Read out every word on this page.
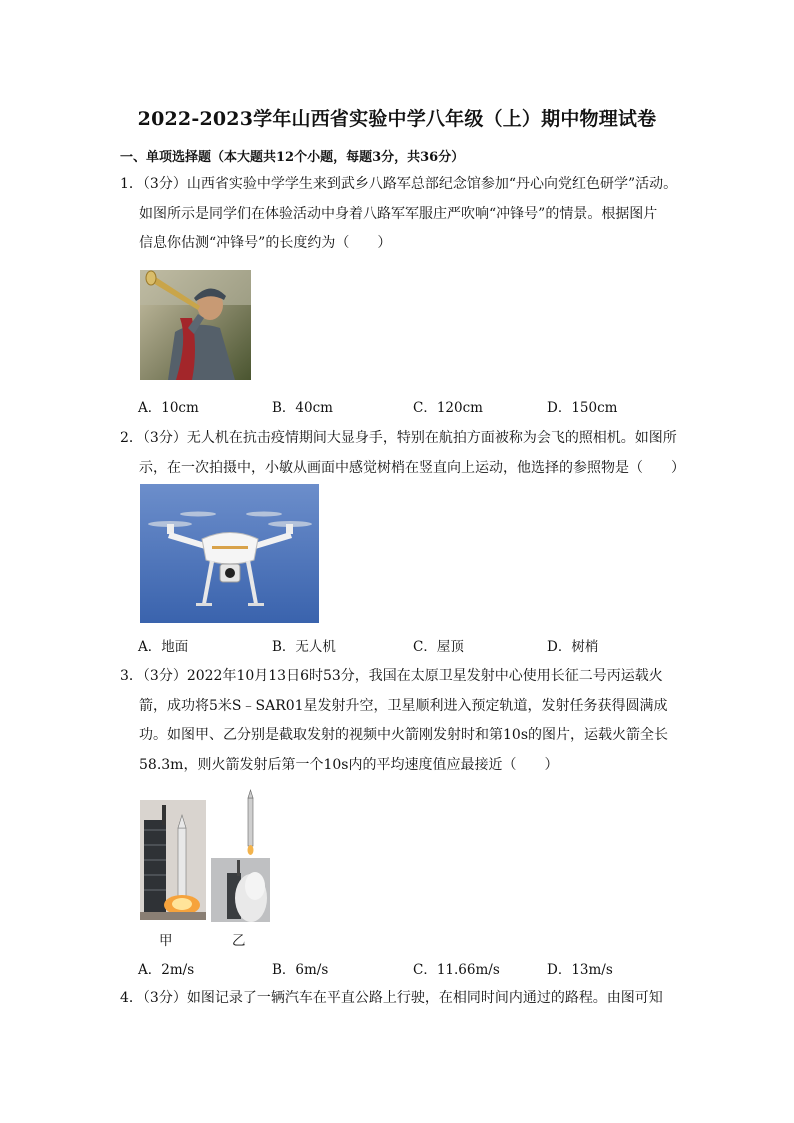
2022-2023学年山西省实验中学八年级（上）期中物理试卷
一、单项选择题（本大题共12个小题，每题3分，共36分）
1．（3分）山西省实验中学学生来到武乡八路军总部纪念馆参加“丹心向党红色研学”活动。

如图所示是同学们在体验活动中身着八路军军服庄严吹响“冲锋号”的情景。根据图片
信息你估测“冲锋号”的长度约为（　　）
A．10cm	B．40cm	C．120cm	D．150cm
2．（3分）无人机在抗击疫情期间大显身手，特别在航拍方面被称为会飞的照相机。如图所

示，在一次拍摄中，小敏从画面中感觉树梢在竖直向上运动，他选择的参照物是（　　）
A．地面	B．无人机	C．屋顶	D．树梢
3．（3分）2022年10月13日6时53分，我国在太原卫星发射中心使用长征二号丙运载火

箭，成功将5米S﹣SAR01星发射升空，卫星顺利进入预定轨道，发射任务获得圆满成
功。如图甲、乙分别是截取发射的视频中火箭刚发射时和第10s的图片，运载火箭全长
58.3m，则火箭发射后第一个10s内的平均速度值应最接近（　　）
甲	乙
A．2m/s	B．6m/s	C．11.66m/s	D．13m/s
4．（3分）如图记录了一辆汽车在平直公路上行驶，在相同时间内通过的路程。由图可知
